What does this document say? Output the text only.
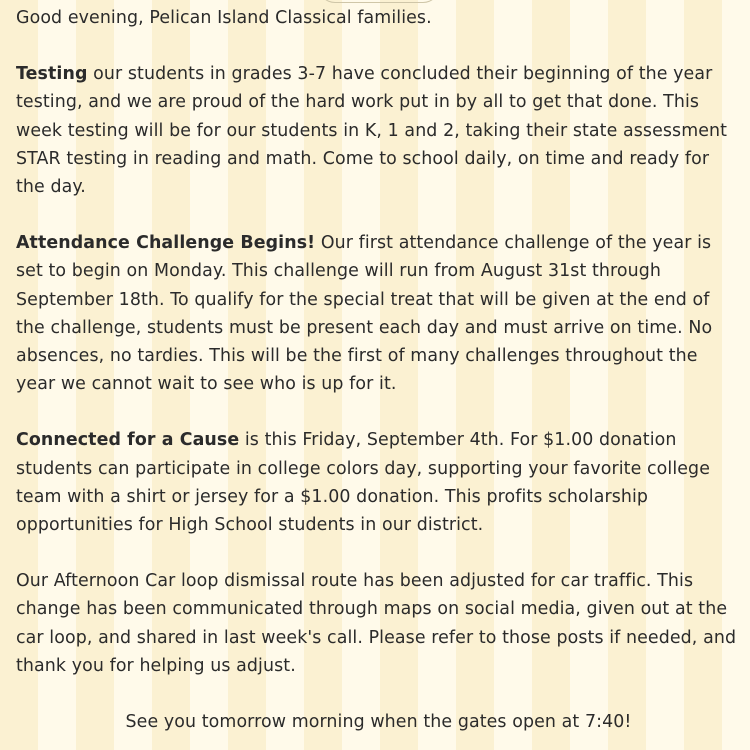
Good evening, Pelican Island Classical families.

Testing our students in grades 3-7 have concluded their beginning of the year testing, and we are proud of the hard work put in by all to get that done. This week testing will be for our students in K, 1 and 2, taking their state assessment STAR testing in reading and math. Come to school daily, on time and ready for the day.

Attendance Challenge Begins! Our first attendance challenge of the year is set to begin on Monday. This challenge will run from August 31st through September 18th. To qualify for the special treat that will be given at the end of the challenge, students must be present each day and must arrive on time. No absences, no tardies. This will be the first of many challenges throughout the year we cannot wait to see who is up for it.

Connected for a Cause is this Friday, September 4th. For $1.00 donation students can participate in college colors day, supporting your favorite college team with a shirt or jersey for a $1.00 donation. This profits scholarship opportunities for High School students in our district.

Our Afternoon Car loop dismissal route has been adjusted for car traffic. This change has been communicated through maps on social media, given out at the car loop, and shared in last week's call. Please refer to those posts if needed, and thank you for helping us adjust.

See you tomorrow morning when the gates open at 7:40!
